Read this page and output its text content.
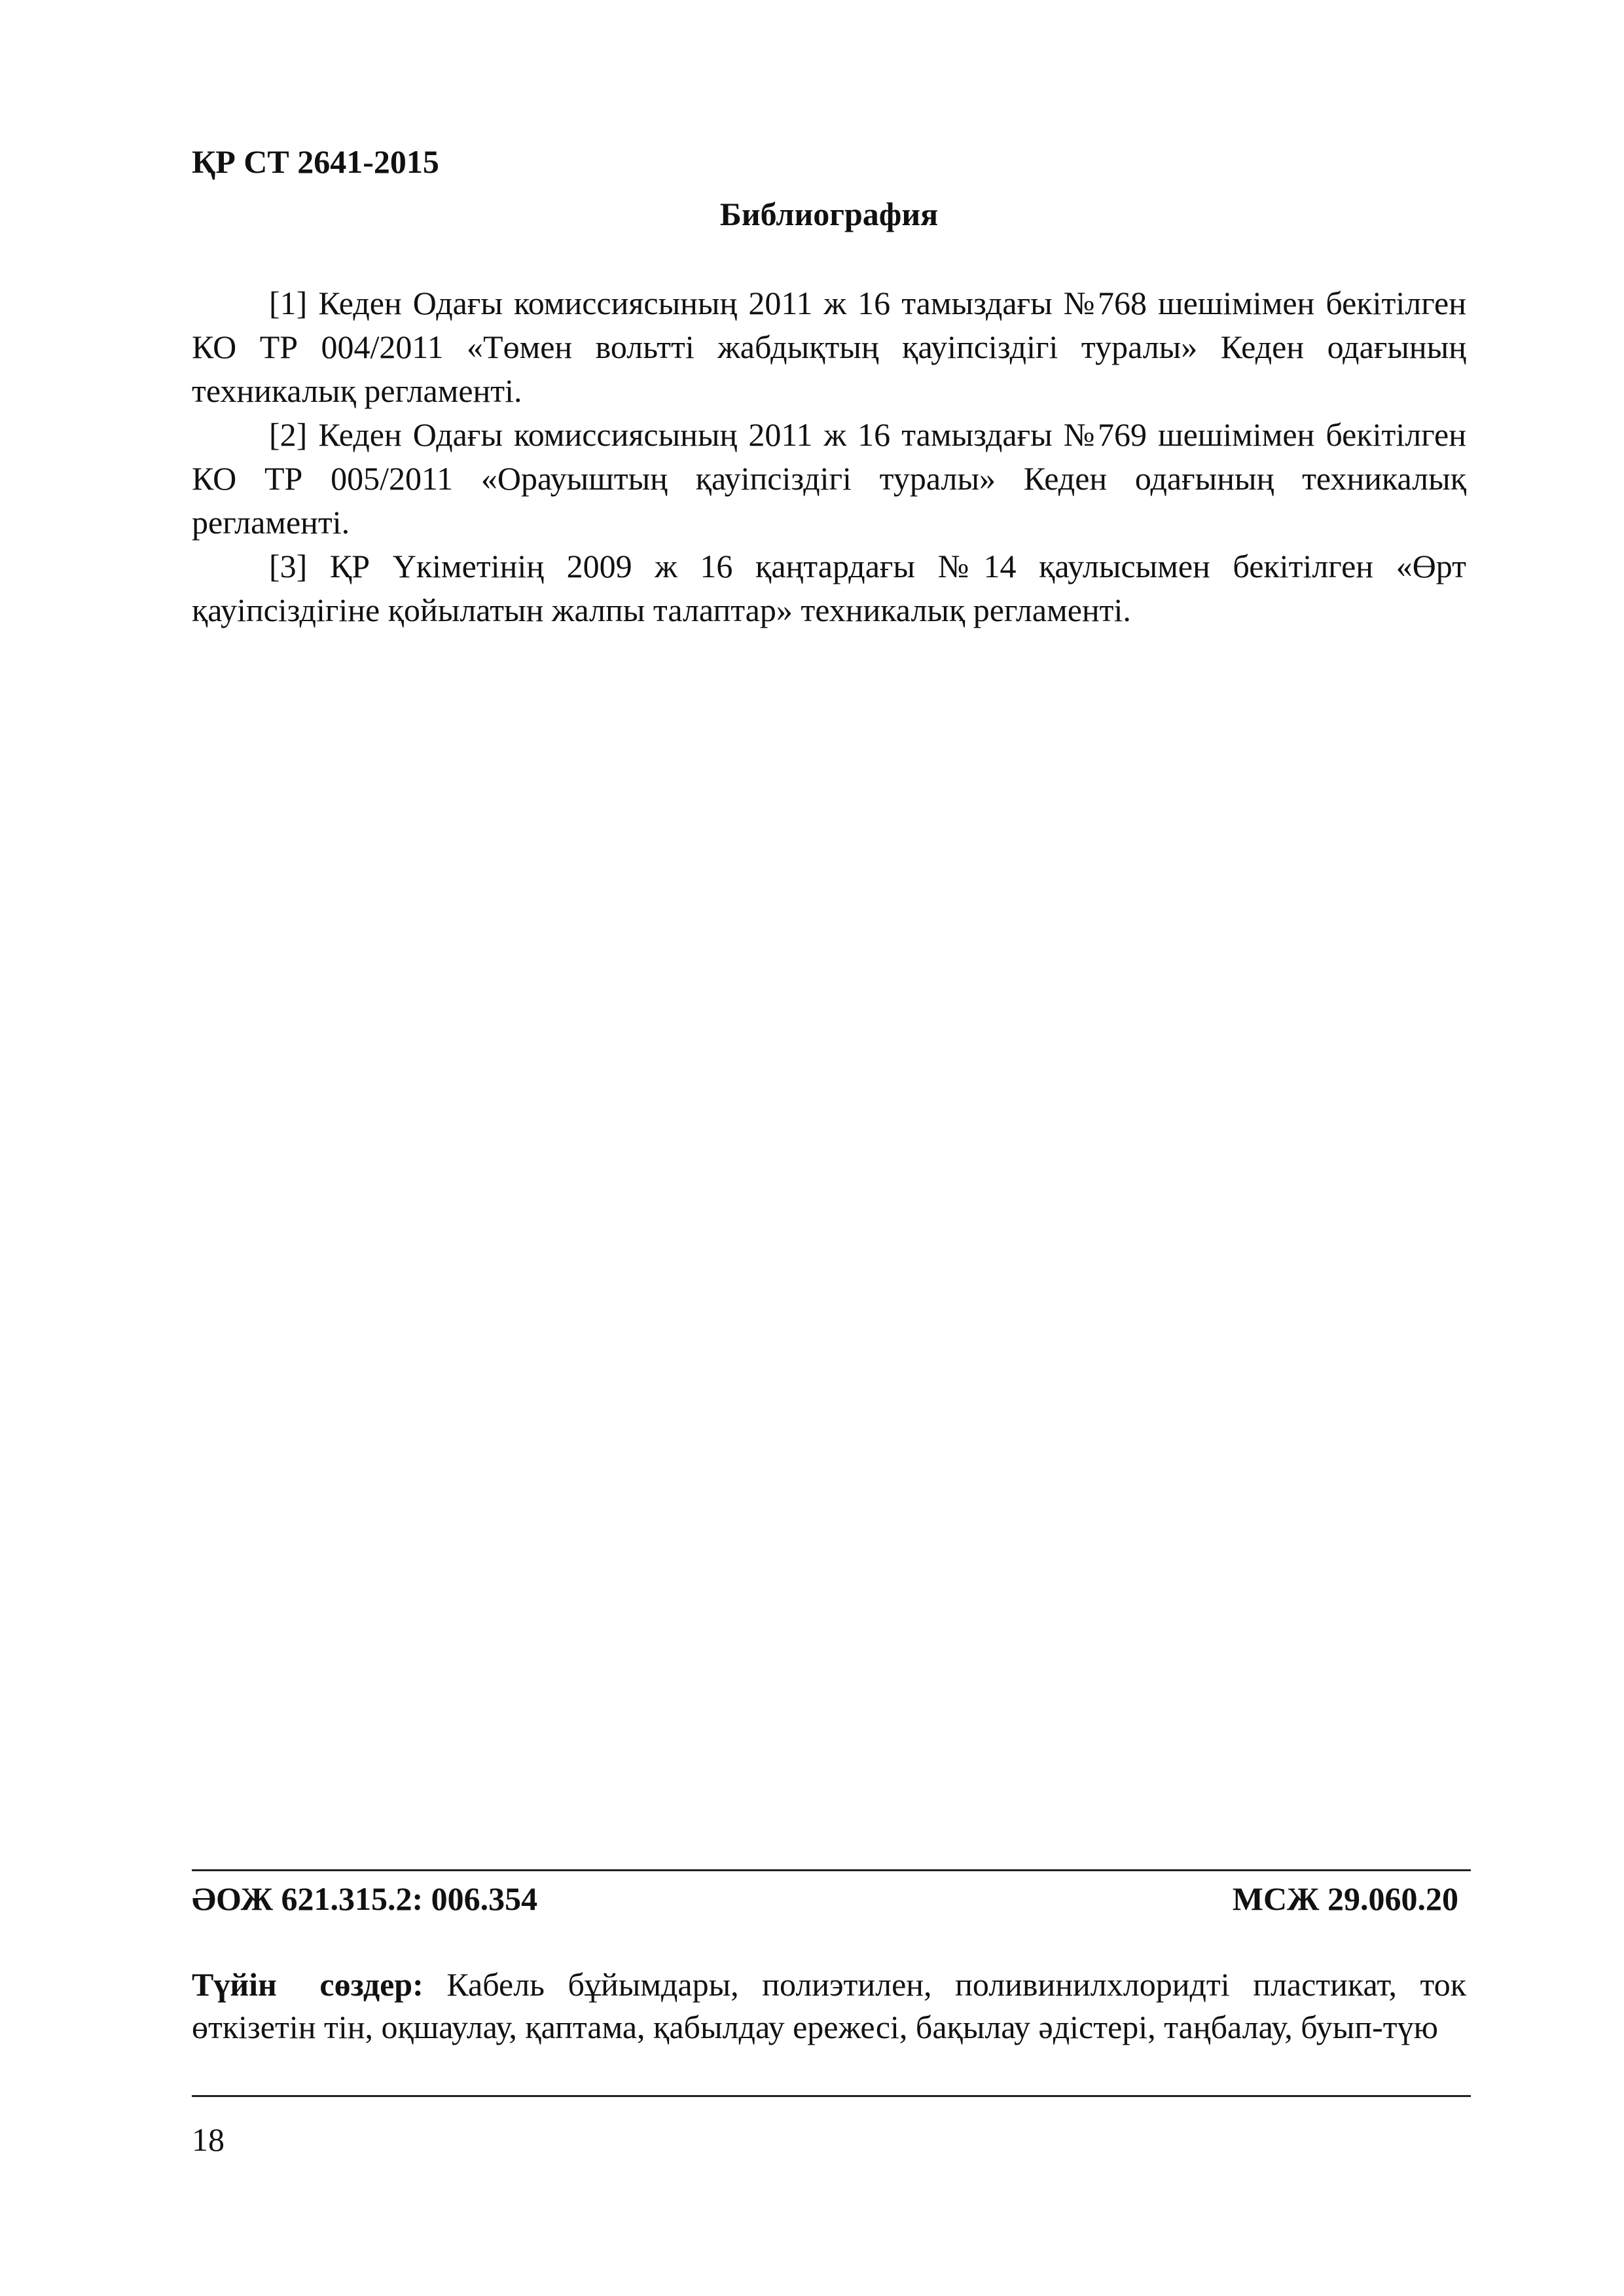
ҚР СТ 2641-2015
Библиография

[1] Кеден Одағы комиссиясының 2011 ж 16 тамыздағы №768 шешімімен бекітілген КО ТР 004/2011 «Төмен вольтті жабдықтың қауіпсіздігі туралы» Кеден одағының техникалық регламенті.

[2] Кеден Одағы комиссиясының 2011 ж 16 тамыздағы №769 шешімімен бекітілген КО ТР 005/2011 «Орауыштың қауіпсіздігі туралы» Кеден одағының техникалық регламенті.

[3] ҚР Үкіметінің 2009 ж 16 қаңтардағы №14 қаулысымен бекітілген «Өрт қауіпсіздігіне қойылатын жалпы талаптар» техникалық регламенті.

ӘОЖ 621.315.2: 006.354	МСЖ 29.060.20

Түйін сөздер: Кабель бұйымдары, полиэтилен, поливинилхлоридті пластикат, ток өткізетін тін, оқшаулау, қаптама, қабылдау ережесі, бақылау әдістері, таңбалау, буып-түю

18
